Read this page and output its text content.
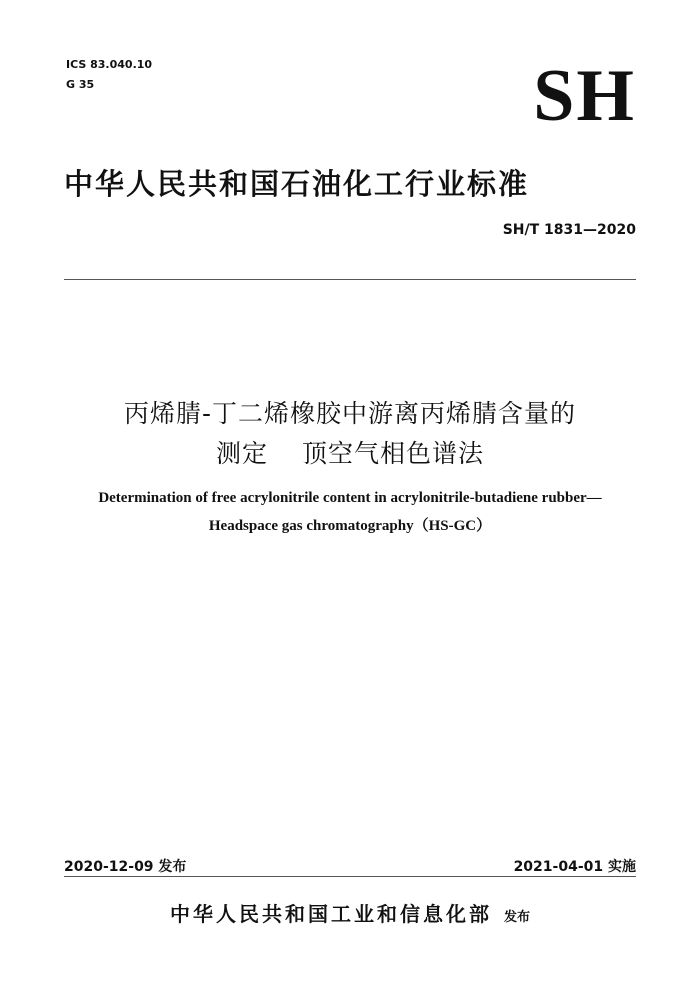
ICS 83.040.10
G 35	SH
中华人民共和国石油化工行业标准
SH/T 1831—2020
丙烯腈-丁二烯橡胶中游离丙烯腈含量的
测定 顶空气相色谱法
Determination of free acrylonitrile content in acrylonitrile-butadiene rubber—
Headspace gas chromatography（HS-GC）
2020-12-09 发布	2021-04-01 实施
中华人民共和国工业和信息化部 发布
